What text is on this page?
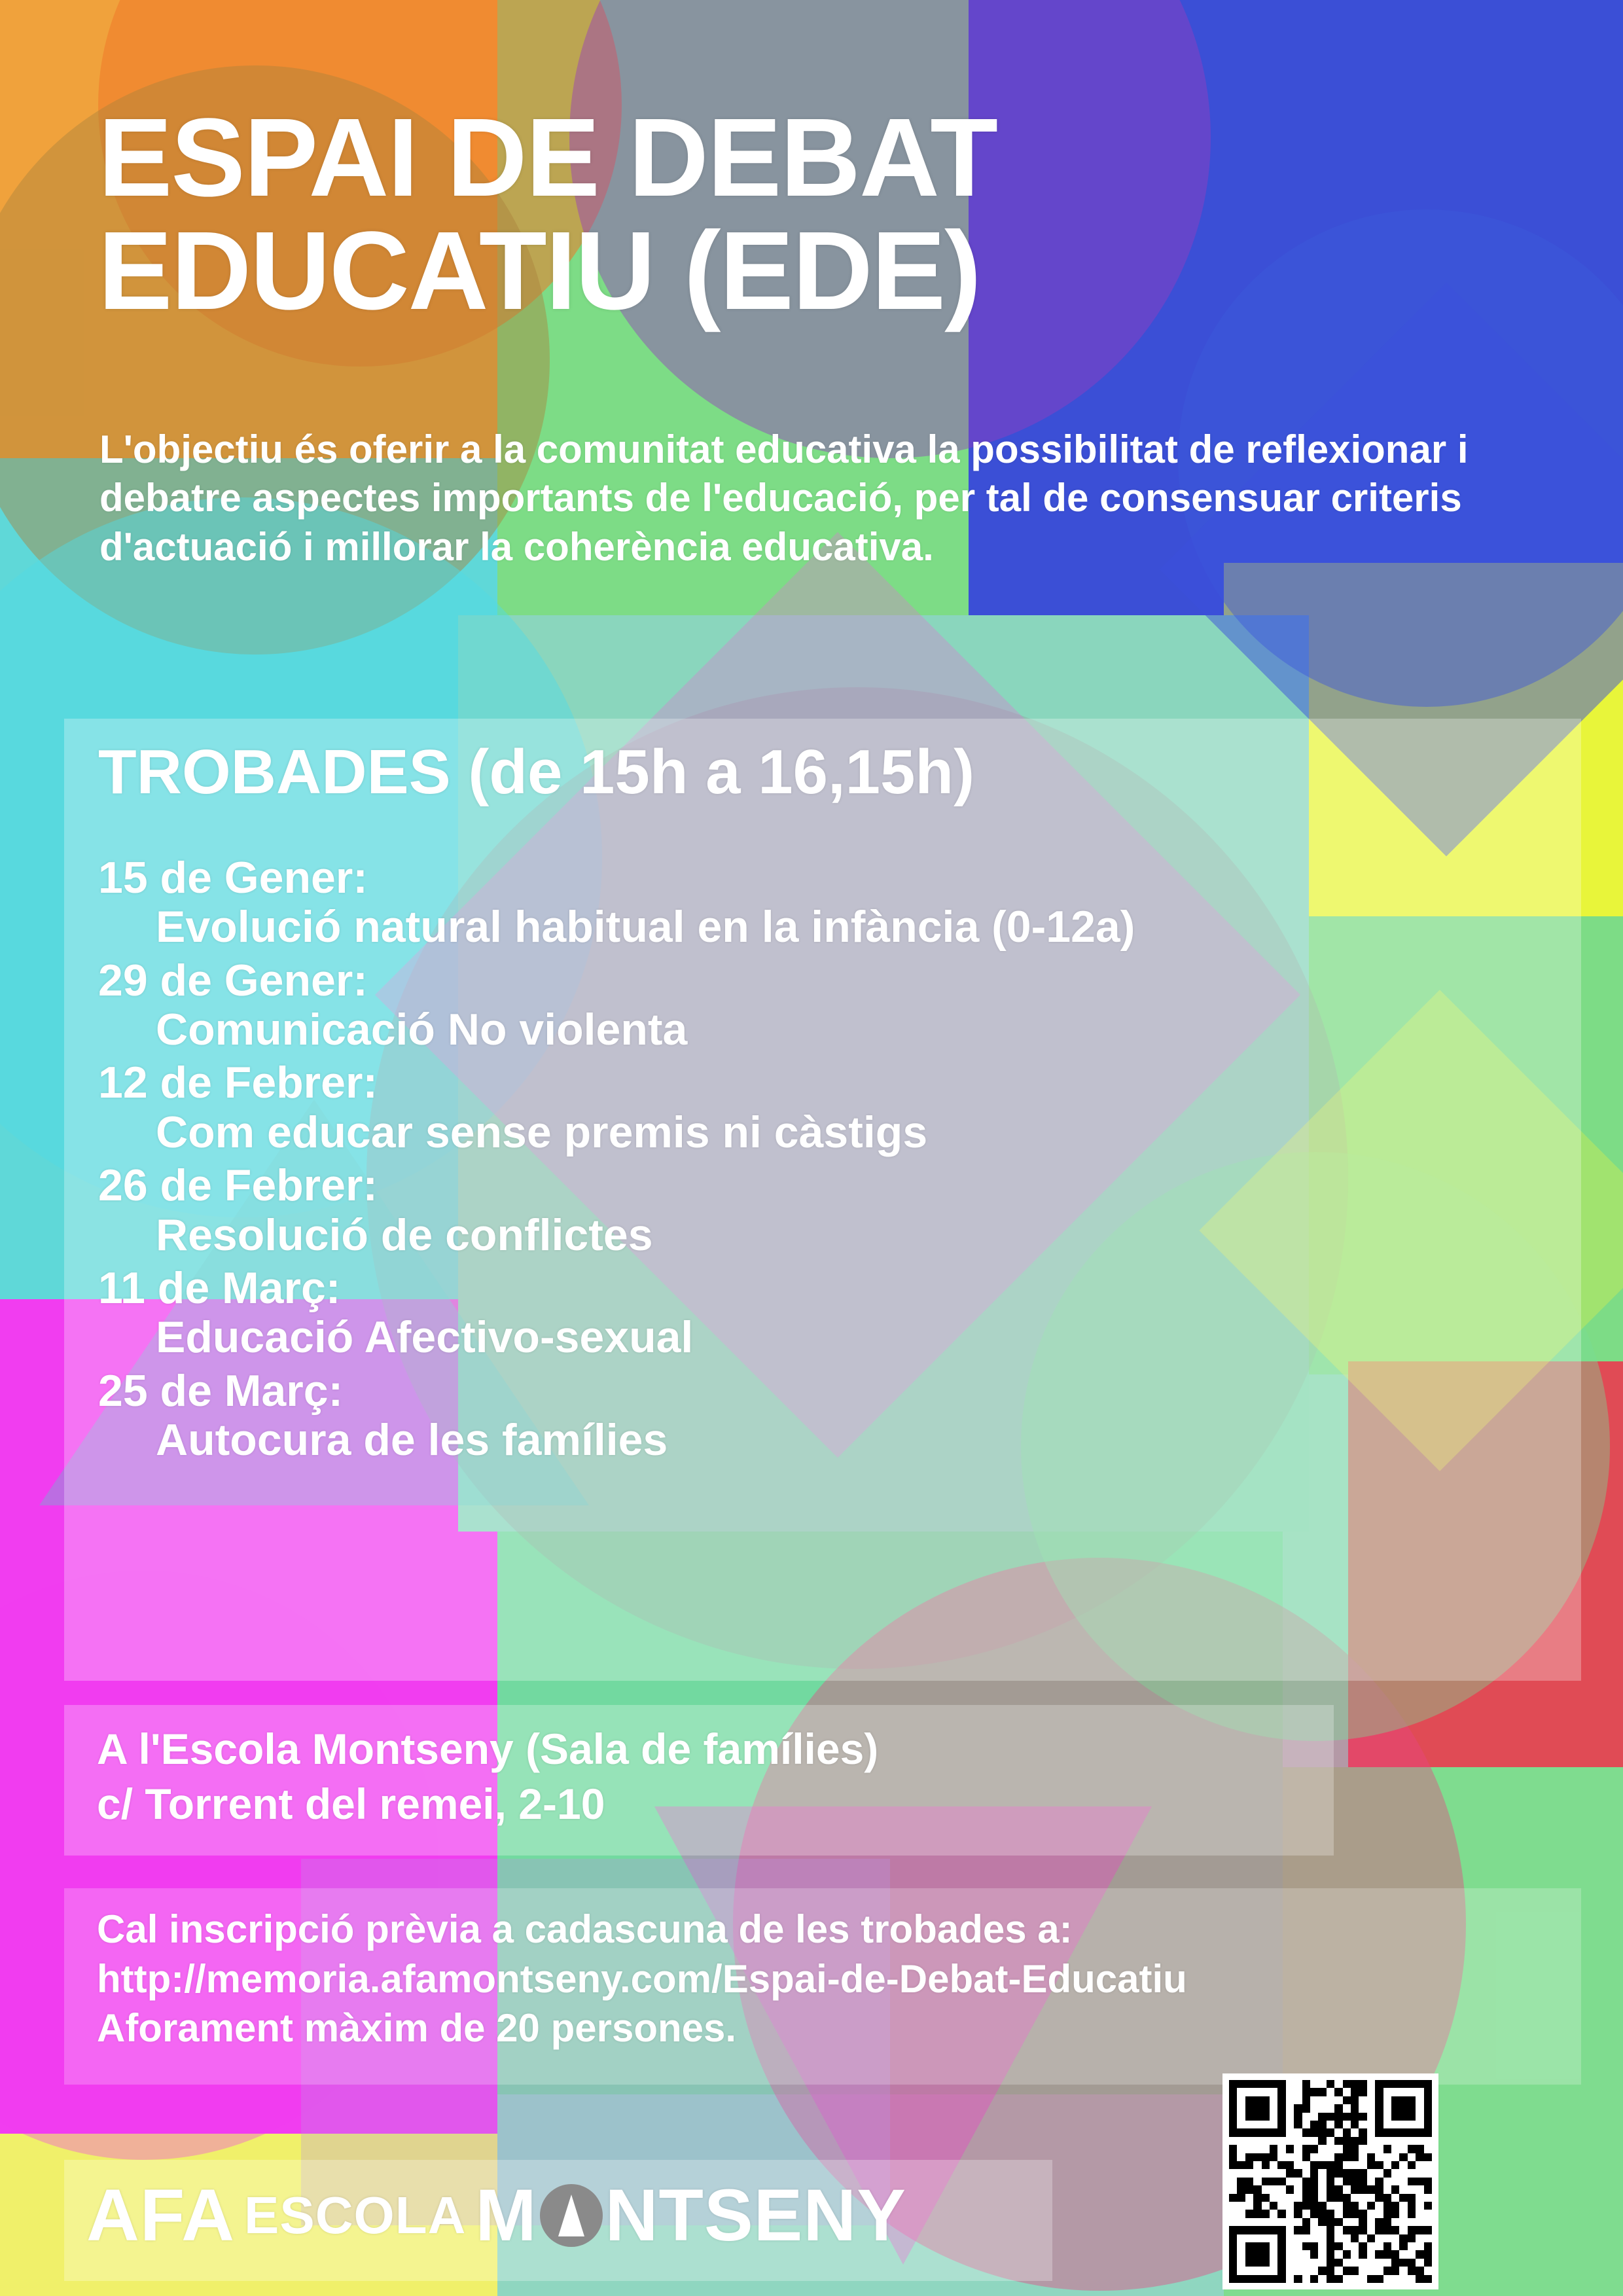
ESPAI DE DEBAT EDUCATIU (EDE)
L'objectiu és oferir a la comunitat educativa la possibilitat de reflexionar i debatre aspectes importants de l'educació, per tal de consensuar criteris d'actuació i millorar la coherència educativa.
TROBADES (de 15h a 16,15h)
15 de Gener:
Evolució natural habitual en la infància (0-12a)
29 de Gener:
Comunicació No violenta
12 de Febrer:
Com educar sense premis ni càstigs
26 de Febrer:
Resolució de conflictes
11 de Març:
Educació Afectivo-sexual
25 de Març:
Autocura de les famílies
A l'Escola Montseny (Sala de famílies)
c/ Torrent del remei, 2-10
Cal inscripció prèvia a cadascuna de les trobades a:
http://memoria.afamontseny.com/Espai-de-Debat-Educatiu
Aforament màxim de 20 persones.
AFA ESCOLA M NTSENY
